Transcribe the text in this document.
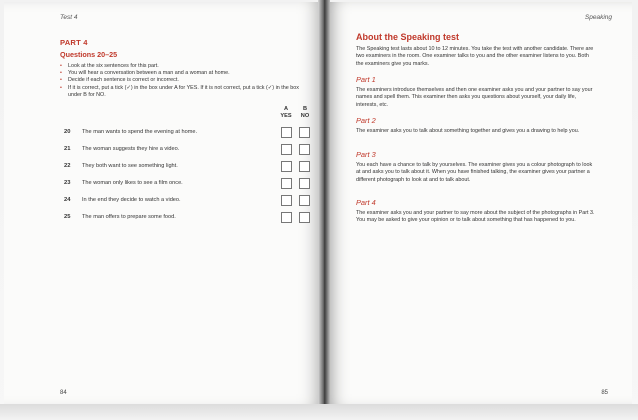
Test 4
PART 4
Questions 20–25
• Look at the six sentences for this part.
• You will hear a conversation between a man and a woman at home.
• Decide if each sentence is correct or incorrect.
• If it is correct, put a tick (✓) in the box under A for YES. If it is not correct, put a tick (✓) in the box under B for NO.
A
YES
B
NO
20 The man wants to spend the evening at home.
21 The woman suggests they hire a video.
22 They both want to see something light.
23 The woman only likes to see a film once.
24 In the end they decide to watch a video.
25 The man offers to prepare some food.
84
Speaking
About the Speaking test

The Speaking test lasts about 10 to 12 minutes. You take the test with another candidate. There are two examiners in the room. One examiner talks to you and the other examiner listens to you. Both the examiners give you marks.

Part 1

The examiners introduce themselves and then one examiner asks you and your partner to say your names and spell them. This examiner then asks you questions about yourself, your daily life, interests, etc.

Part 2

The examiner asks you to talk about something together and gives you a drawing to help you.

Part 3

You each have a chance to talk by yourselves. The examiner gives you a colour photograph to look at and asks you to talk about it. When you have finished talking, the examiner gives your partner a different photograph to look at and to talk about.

Part 4

The examiner asks you and your partner to say more about the subject of the photographs in Part 3. You may be asked to give your opinion or to talk about something that has happened to you.

85
